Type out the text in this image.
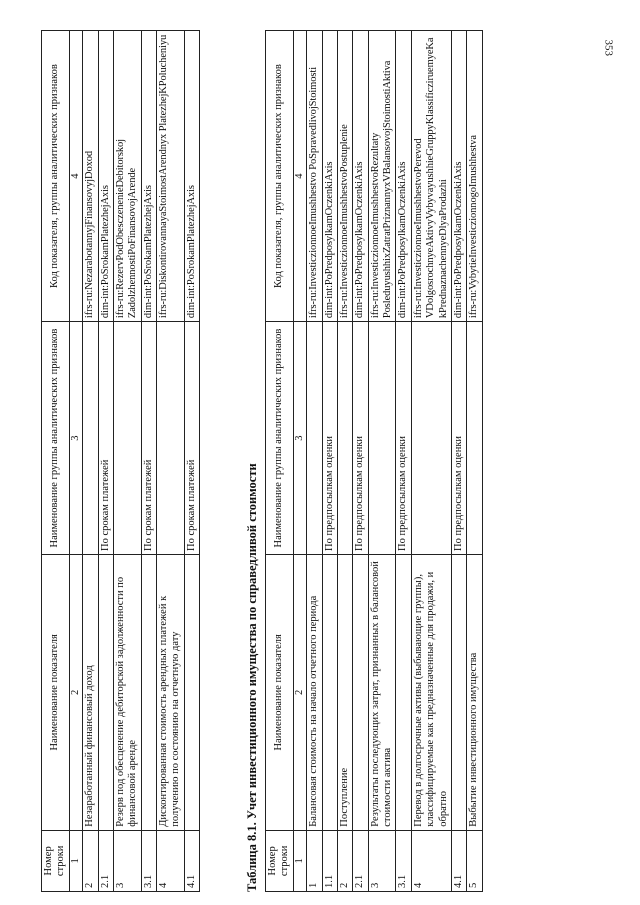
353
Номер строки	Наименование показателя	Наименование группы аналитических признаков	Код показателя, группы аналитических признаков
1	2	3	4
2	Незаработанный финансовый доход		ifrs-ru:NezarabotannyjFinansovyjDoxod
2.1		По срокам платежей	dim-int:PoSrokamPlatezhejAxis
3	Резерв под обесценение дебиторской задолженности по финансовой аренде		ifrs-ru:RezervPodObesczenenieDebitorskoj ZadolzhennostiPoFinansovojArende
3.1		По срокам платежей	dim-int:PoSrokamPlatezhejAxis
4	Дисконтированная стоимость арендных платежей к получению по состоянию на отчетную дату		ifrs-ru:DiskontirovannayaStoimostArendnyx PlatezhejKPolucheniyu
4.1		По срокам платежей	dim-int:PoSrokamPlatezhejAxis
Таблица 8.1. Учет инвестиционного имущества по справедливой стоимости Номер строки	Наименование показателя	Наименование группы аналитических признаков	Код показателя, группы аналитических признаков
1	2	3	4
1	Балансовая стоимость на начало отчетного периода		ifrs-ru:InvesticzionnoeImushhestvo PoSpravedlivojStoimosti
1.1		По предпосылкам оценки	dim-int:PoPredposylkamOczenkiAxis
2	Поступление		ifrs-ru:InvesticzionnoeImushhestvoPostuplenie
2.1		По предпосылкам оценки	dim-int:PoPredposylkamOczenkiAxis
3	Результаты последующих затрат, признанных в балансовой стоимости актива		ifrs-ru:InvesticzionnoeImushhestvoRezultaty PosleduyushhixZatratPriznannyxVBalansovojStoimostiAktiva
3.1		По предпосылкам оценки	dim-int:PoPredposylkamOczenkiAxis
4	Перевод в долгосрочные активы (выбывающие группы), классифицируемые как предназначенные для продажи, и обратно		ifrs-ru:InvesticzionnoeImushhestvoPerevod VDolgosrochnyeAktivyVybyvayushhieGruppyKlassificziruemyeKakPrednaznachennyeDlyaProdazhi
4.1		По предпосылкам оценки	dim-int:PoPredposylkamOczenkiAxis
5	Выбытие инвестиционного имущества		ifrs-ru:VybytieInvesticzionnogoImushhestva
